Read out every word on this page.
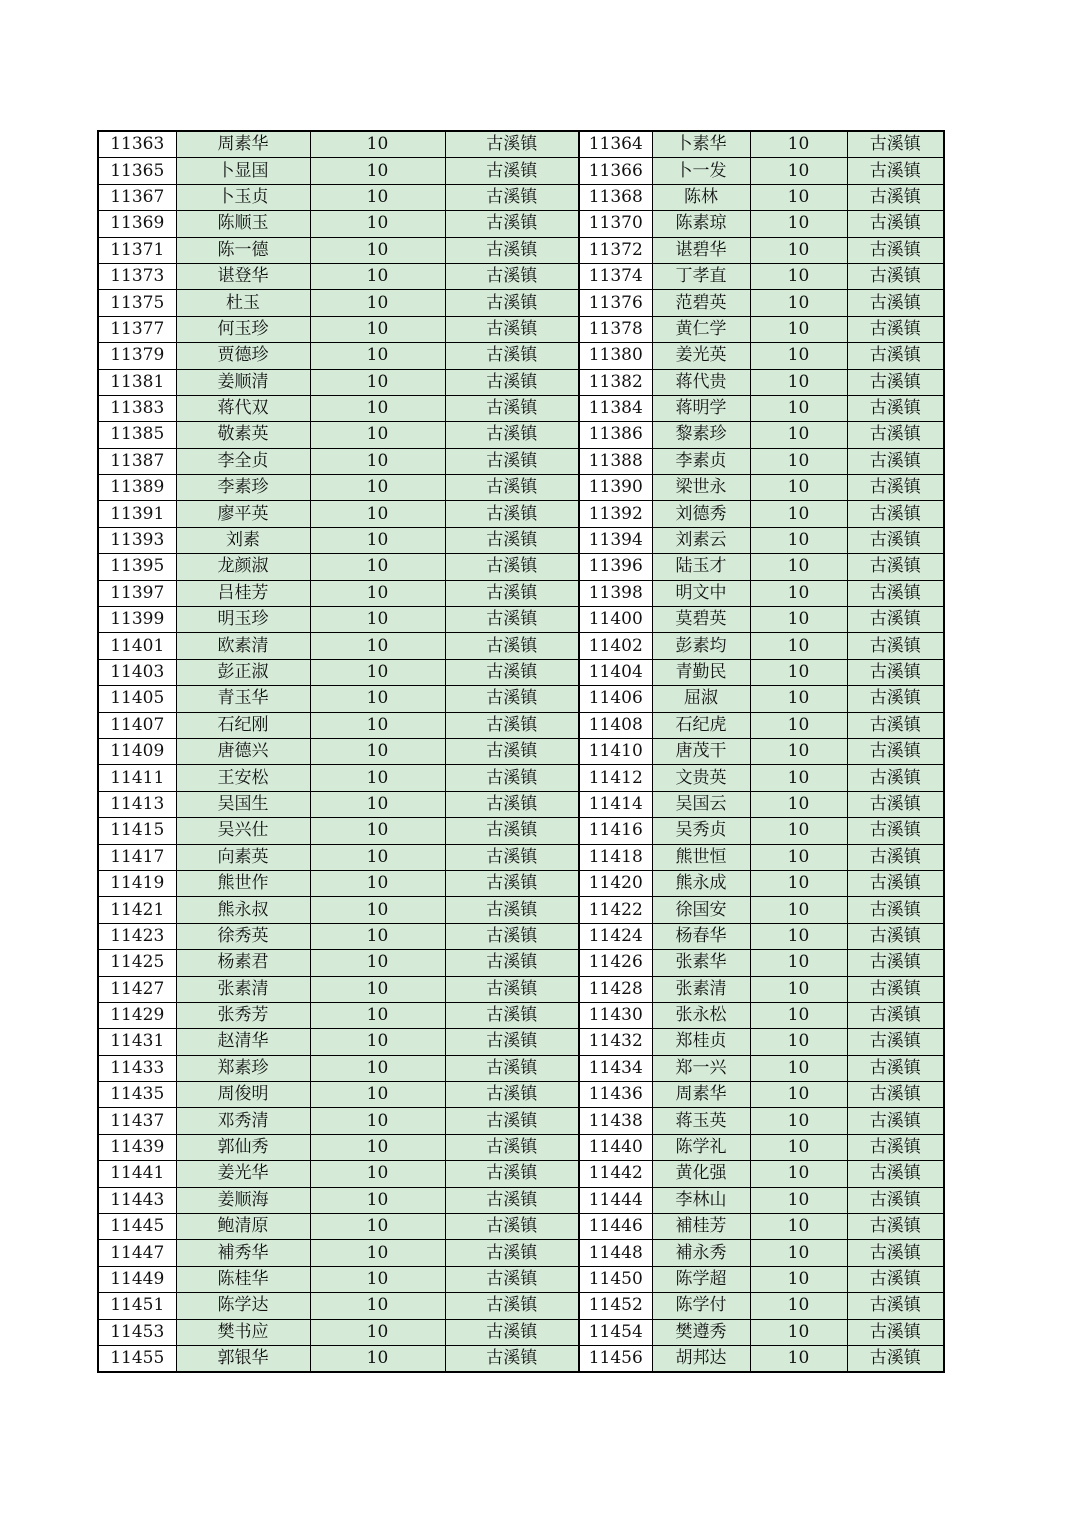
11363	周素华	10	古溪镇	11364	卜素华	10	古溪镇
11365	卜显国	10	古溪镇	11366	卜一发	10	古溪镇
11367	卜玉贞	10	古溪镇	11368	陈林	10	古溪镇
11369	陈顺玉	10	古溪镇	11370	陈素琼	10	古溪镇
11371	陈一德	10	古溪镇	11372	谌碧华	10	古溪镇
11373	谌登华	10	古溪镇	11374	丁孝直	10	古溪镇
11375	杜玉	10	古溪镇	11376	范碧英	10	古溪镇
11377	何玉珍	10	古溪镇	11378	黄仁学	10	古溪镇
11379	贾德珍	10	古溪镇	11380	姜光英	10	古溪镇
11381	姜顺清	10	古溪镇	11382	蒋代贵	10	古溪镇
11383	蒋代双	10	古溪镇	11384	蒋明学	10	古溪镇
11385	敬素英	10	古溪镇	11386	黎素珍	10	古溪镇
11387	李全贞	10	古溪镇	11388	李素贞	10	古溪镇
11389	李素珍	10	古溪镇	11390	梁世永	10	古溪镇
11391	廖平英	10	古溪镇	11392	刘德秀	10	古溪镇
11393	刘素	10	古溪镇	11394	刘素云	10	古溪镇
11395	龙颜淑	10	古溪镇	11396	陆玉才	10	古溪镇
11397	吕桂芳	10	古溪镇	11398	明文中	10	古溪镇
11399	明玉珍	10	古溪镇	11400	莫碧英	10	古溪镇
11401	欧素清	10	古溪镇	11402	彭素均	10	古溪镇
11403	彭正淑	10	古溪镇	11404	青勤民	10	古溪镇
11405	青玉华	10	古溪镇	11406	屈淑	10	古溪镇
11407	石纪刚	10	古溪镇	11408	石纪虎	10	古溪镇
11409	唐德兴	10	古溪镇	11410	唐茂干	10	古溪镇
11411	王安松	10	古溪镇	11412	文贵英	10	古溪镇
11413	吴国生	10	古溪镇	11414	吴国云	10	古溪镇
11415	吴兴仕	10	古溪镇	11416	吴秀贞	10	古溪镇
11417	向素英	10	古溪镇	11418	熊世恒	10	古溪镇
11419	熊世作	10	古溪镇	11420	熊永成	10	古溪镇
11421	熊永叔	10	古溪镇	11422	徐国安	10	古溪镇
11423	徐秀英	10	古溪镇	11424	杨春华	10	古溪镇
11425	杨素君	10	古溪镇	11426	张素华	10	古溪镇
11427	张素清	10	古溪镇	11428	张素清	10	古溪镇
11429	张秀芳	10	古溪镇	11430	张永松	10	古溪镇
11431	赵清华	10	古溪镇	11432	郑桂贞	10	古溪镇
11433	郑素珍	10	古溪镇	11434	郑一兴	10	古溪镇
11435	周俊明	10	古溪镇	11436	周素华	10	古溪镇
11437	邓秀清	10	古溪镇	11438	蒋玉英	10	古溪镇
11439	郭仙秀	10	古溪镇	11440	陈学礼	10	古溪镇
11441	姜光华	10	古溪镇	11442	黄化强	10	古溪镇
11443	姜顺海	10	古溪镇	11444	李林山	10	古溪镇
11445	鲍清原	10	古溪镇	11446	補桂芳	10	古溪镇
11447	補秀华	10	古溪镇	11448	補永秀	10	古溪镇
11449	陈桂华	10	古溪镇	11450	陈学超	10	古溪镇
11451	陈学达	10	古溪镇	11452	陈学付	10	古溪镇
11453	樊书应	10	古溪镇	11454	樊遵秀	10	古溪镇
11455	郭银华	10	古溪镇	11456	胡邦达	10	古溪镇
